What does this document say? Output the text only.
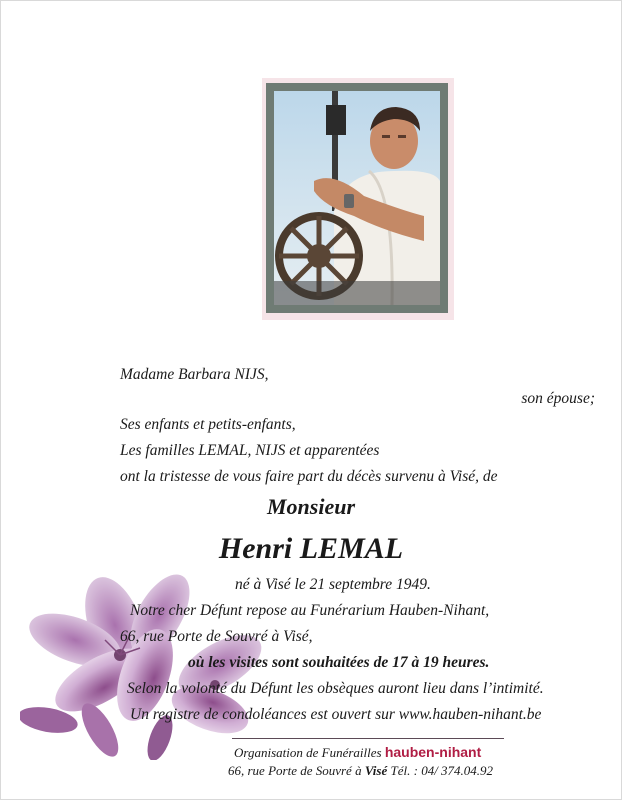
Madame Barbara NIJS,
son épouse;
Ses enfants et petits-enfants,
Les familles LEMAL, NIJS et apparentées
ont la tristesse de vous faire part du décès survenu à Visé, de
Monsieur
Henri LEMAL
né à Visé le 21 septembre 1949.
Notre cher Défunt repose au Funérarium Hauben-Nihant,
66, rue Porte de Souvré à Visé,
où les visites sont souhaitées de 17 à 19 heures.
Selon la volonté du Défunt les obsèques auront lieu dans l’intimité.
Un registre de condoléances est ouvert sur www.hauben-nihant.be
Organisation de Funérailles hauben-nihant
66, rue Porte de Souvré à Visé Tél. : 04/ 374.04.92
